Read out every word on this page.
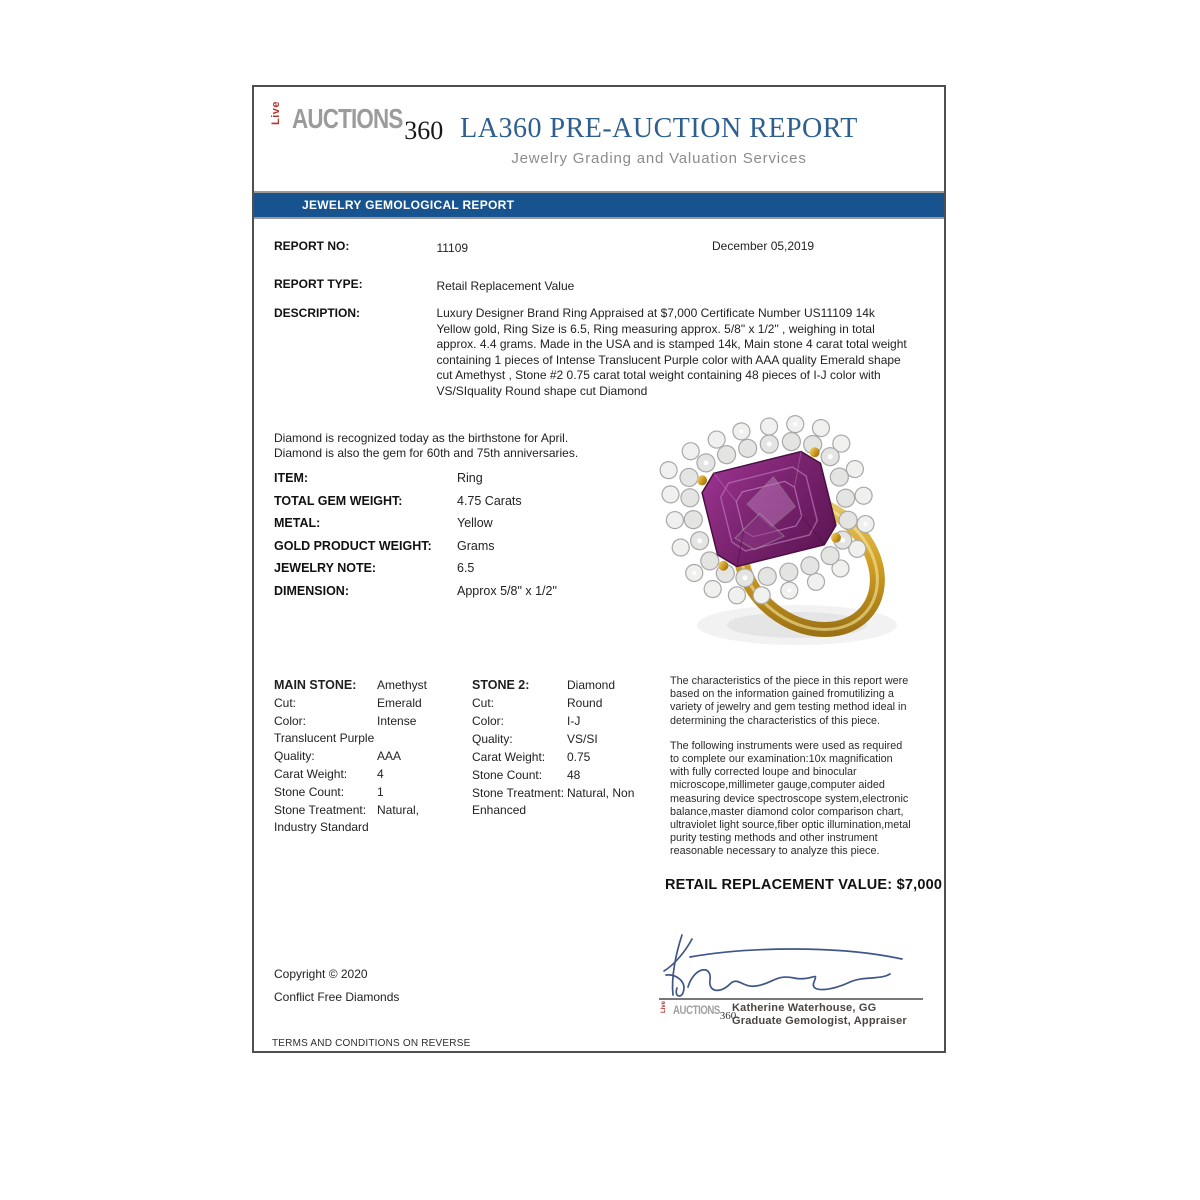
Live AUCTIONS 360 LA360 PRE-AUCTION REPORT
Jewelry Grading and Valuation Services
JEWELRY GEMOLOGICAL REPORT
REPORT NO:	11109	December 05,2019
REPORT TYPE:	Retail Replacement Value
DESCRIPTION:	Luxury Designer Brand Ring Appraised at $7,000 Certificate Number US11109 14k Yellow gold, Ring Size is 6.5, Ring measuring approx. 5/8" x 1/2" , weighing in total approx. 4.4 grams. Made in the USA and is stamped 14k, Main stone 4 carat total weight containing 1 pieces of Intense Translucent Purple color with AAA quality Emerald shape cut Amethyst , Stone #2 0.75 carat total weight containing 48 pieces of I-J color with VS/SIquality Round shape cut Diamond
Diamond is recognized today as the birthstone for April.
Diamond is also the gem for 60th and 75th anniversaries.
ITEM:	Ring
TOTAL GEM WEIGHT:	4.75 Carats
METAL:	Yellow
GOLD PRODUCT WEIGHT: Grams
JEWELRY NOTE:	6.5
DIMENSION:	Approx 5/8" x 1/2"
MAIN STONE: Amethyst
Cut:	Emerald
Color:	Intense Translucent Purple
Quality:	AAA
Carat Weight: 4
Stone Count:	1
Stone Treatment: Natural, Industry Standard
STONE 2:	Diamond
Cut:	Round
Color:	I-J
Quality:	VS/SI
Carat Weight: 0.75
Stone Count: 48
Stone Treatment: Natural, Non Enhanced

The characteristics of the piece in this report were based on the information gained fromutilizing a variety of jewelry and gem testing method ideal in determining the characteristics of this piece.

The following instruments were used as required to complete our examination:10x magnification with fully corrected loupe and binocular microscope,millimeter gauge,computer aided measuring device spectroscope system,electronic balance,master diamond color comparison chart, ultraviolet light source,fiber optic illumination,metal purity testing methods and other instrument reasonable necessary to analyze this piece.

RETAIL REPLACEMENT VALUE: $7,000
Live AUCTIONS 360
Katherine Waterhouse, GG
Graduate Gemologist, Appraiser
Copyright © 2020
Conflict Free Diamonds
TERMS AND CONDITIONS ON REVERSE
